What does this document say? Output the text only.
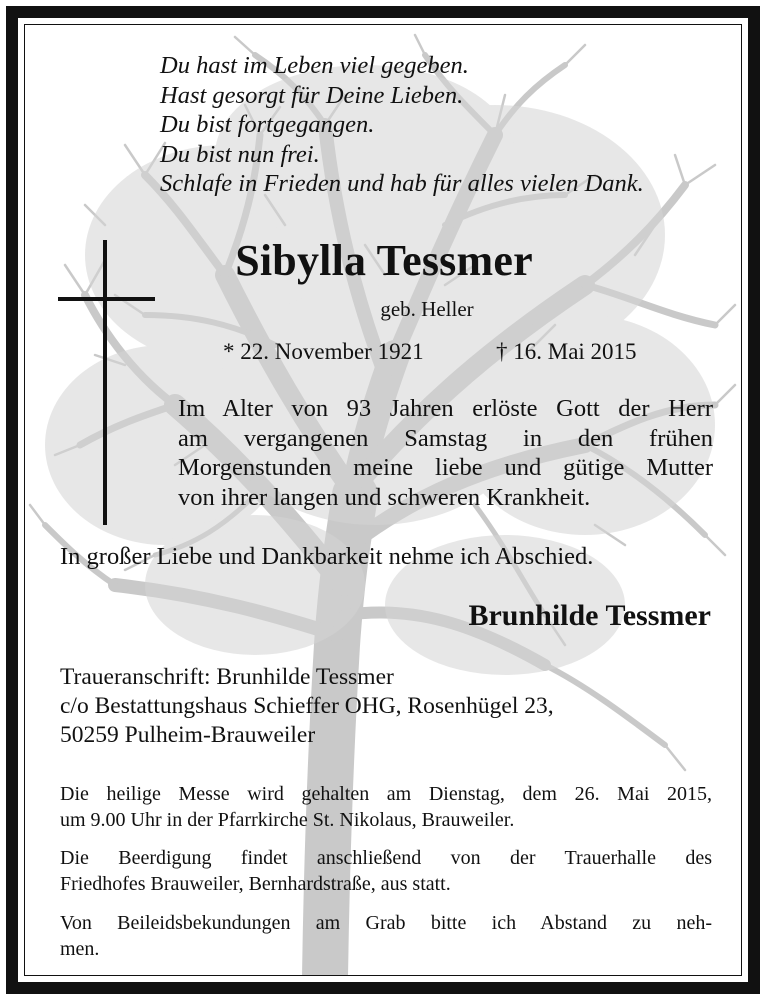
Du hast im Leben viel gegeben.
Hast gesorgt für Deine Lieben.
Du bist fortgegangen.
Du bist nun frei.
Schlafe in Frieden und hab für alles vielen Dank.
Sibylla Tessmer
geb. Heller
* 22. November 1921	† 16. Mai 2015
Im Alter von 93 Jahren erlöste Gott der Herr
am vergangenen Samstag in den frühen
Morgenstunden meine liebe und gütige Mutter
von ihrer langen und schweren Krankheit.
In großer Liebe und Dankbarkeit nehme ich Abschied.
Brunhilde Tessmer
Traueranschrift: Brunhilde Tessmer
c/o Bestattungshaus Schieffer OHG, Rosenhügel 23,
50259 Pulheim-Brauweiler
Die heilige Messe wird gehalten am Dienstag, dem 26. Mai 2015,
um 9.00 Uhr in der Pfarrkirche St. Nikolaus, Brauweiler.
Die Beerdigung findet anschließend von der Trauerhalle des
Friedhofes Brauweiler, Bernhardstraße, aus statt.
Von Beileidsbekundungen am Grab bitte ich Abstand zu neh-
men.
